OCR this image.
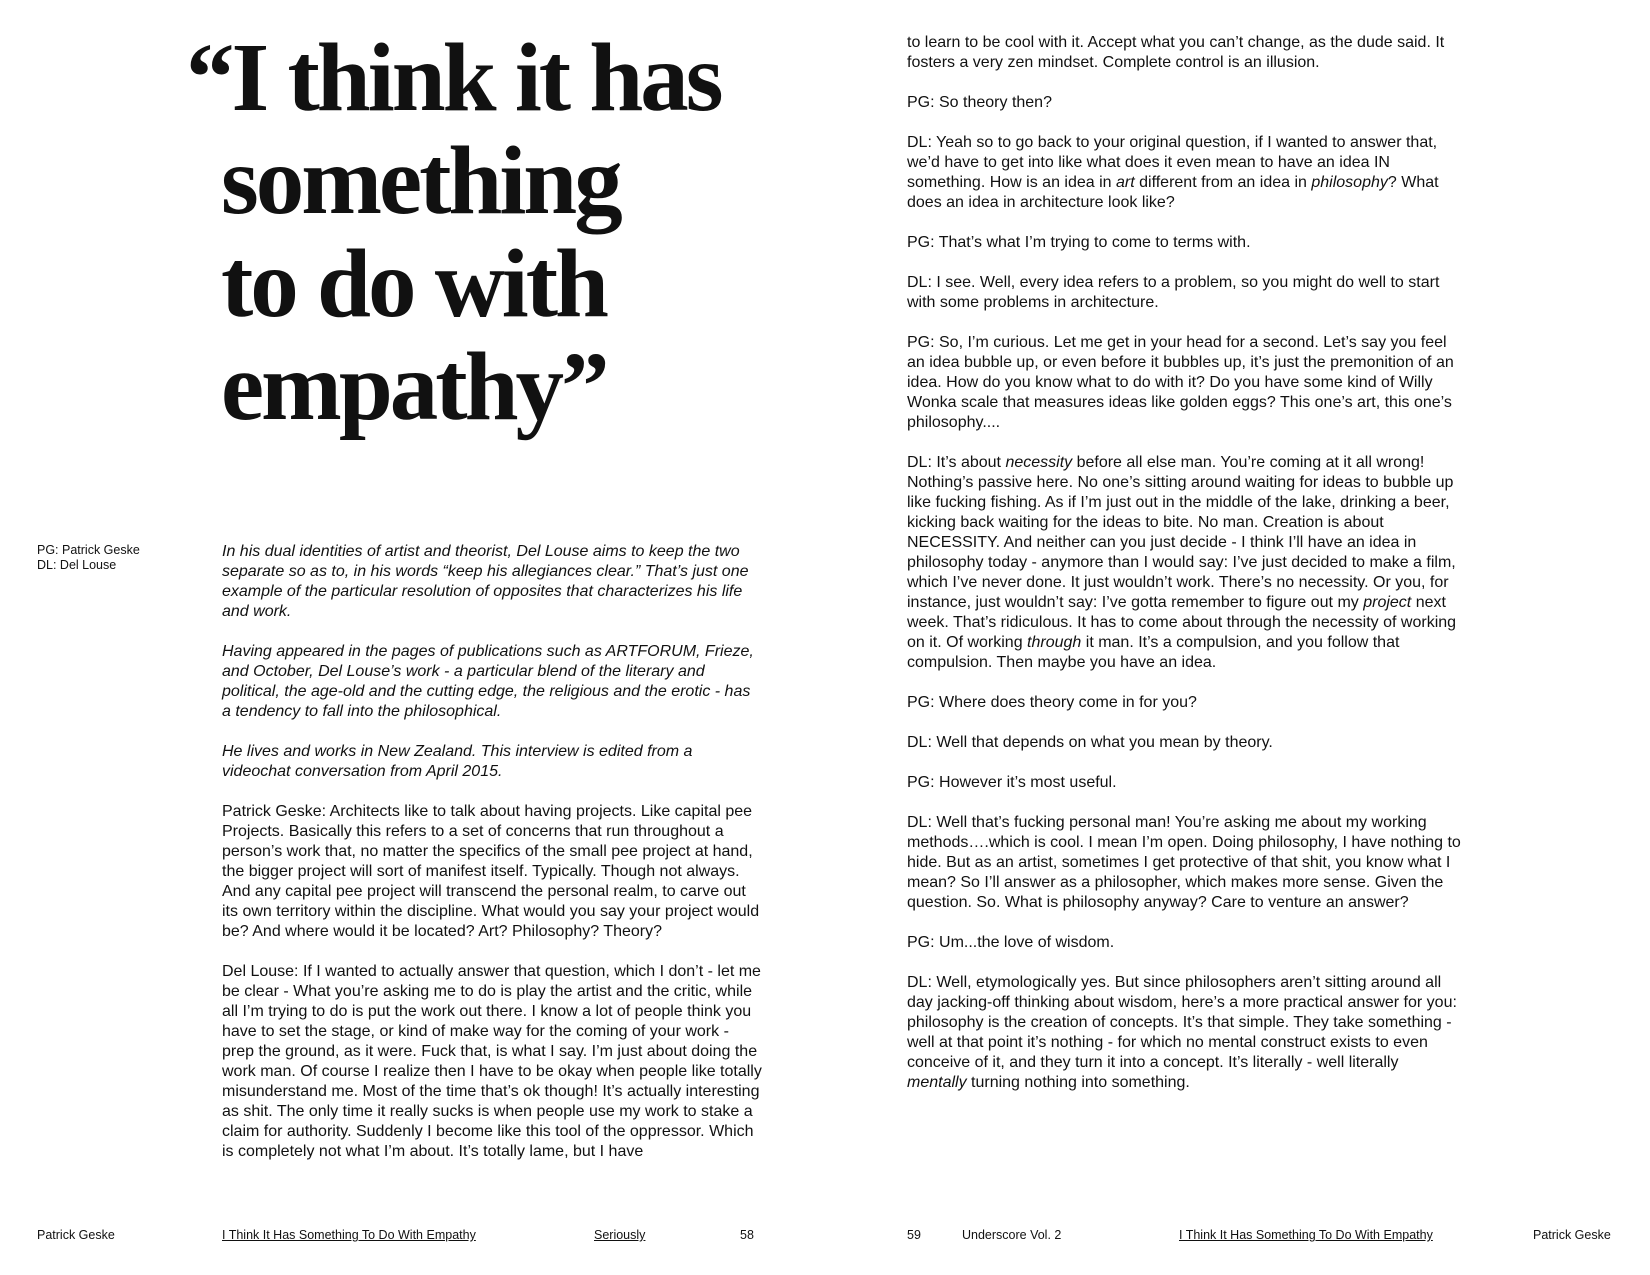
“I think it has
something
to do with
empathy”
PG: Patrick Geske
DL: Del Louse

In his dual identities of artist and theorist, Del Louse aims to keep the two separate so as to, in his words “keep his allegiances clear.” That’s just one example of the particular resolution of opposites that characterizes his life and work.

Having appeared in the pages of publications such as ARTFORUM, Frieze, and October, Del Louse’s work - a particular blend of the literary and political, the age-old and the cutting edge, the religious and the erotic - has a tendency to fall into the philosophical.

He lives and works in New Zealand. This interview is edited from a videochat conversation from April 2015.

Patrick Geske: Architects like to talk about having projects. Like capital pee Projects. Basically this refers to a set of concerns that run throughout a person’s work that, no matter the specifics of the small pee project at hand, the bigger project will sort of manifest itself. Typically. Though not always. And any capital pee project will transcend the personal realm, to carve out its own territory within the discipline. What would you say your project would be? And where would it be located? Art? Philosophy? Theory?

Del Louse: If I wanted to actually answer that question, which I don’t - let me be clear - What you’re asking me to do is play the artist and the critic, while all I’m trying to do is put the work out there. I know a lot of people think you have to set the stage, or kind of make way for the coming of your work - prep the ground, as it were. Fuck that, is what I say. I’m just about doing the work man. Of course I realize then I have to be okay when people like totally misunderstand me. Most of the time that’s ok though! It’s actually interesting as shit. The only time it really sucks is when people use my work to stake a claim for authority. Suddenly I become like this tool of the oppressor. Which is completely not what I’m about. It’s totally lame, but I have

Patrick Geske	I Think It Has Something To Do With Empathy	Seriously	58

to learn to be cool with it. Accept what you can’t change, as the dude said. It fosters a very zen mindset. Complete control is an illusion.

PG: So theory then?

DL: Yeah so to go back to your original question, if I wanted to answer that, we’d have to get into like what does it even mean to have an idea IN something. How is an idea in art different from an idea in philosophy? What does an idea in architecture look like?

PG: That’s what I’m trying to come to terms with.

DL: I see. Well, every idea refers to a problem, so you might do well to start with some problems in architecture.

PG: So, I’m curious. Let me get in your head for a second. Let’s say you feel an idea bubble up, or even before it bubbles up, it’s just the premonition of an idea. How do you know what to do with it? Do you have some kind of Willy Wonka scale that measures ideas like golden eggs? This one’s art, this one’s philosophy....

DL: It’s about necessity before all else man. You’re coming at it all wrong! Nothing’s passive here. No one’s sitting around waiting for ideas to bubble up like fucking fishing. As if I’m just out in the middle of the lake, drinking a beer, kicking back waiting for the ideas to bite. No man. Creation is about NECESSITY. And neither can you just decide - I think I’ll have an idea in philosophy today - anymore than I would say: I’ve just decided to make a film, which I’ve never done. It just wouldn’t work. There’s no necessity. Or you, for instance, just wouldn’t say: I’ve gotta remember to figure out my project next week. That’s ridiculous. It has to come about through the necessity of working on it. Of working through it man. It’s a compulsion, and you follow that compulsion. Then maybe you have an idea.

PG: Where does theory come in for you?

DL: Well that depends on what you mean by theory.

PG: However it’s most useful.

DL: Well that’s fucking personal man! You’re asking me about my working methods….which is cool. I mean I’m open. Doing philosophy, I have nothing to hide. But as an artist, sometimes I get protective of that shit, you know what I mean? So I’ll answer as a philosopher, which makes more sense. Given the question. So. What is philosophy anyway? Care to venture an answer?

PG: Um...the love of wisdom.

DL: Well, etymologically yes. But since philosophers aren’t sitting around all day jacking-off thinking about wisdom, here’s a more practical answer for you: philosophy is the creation of concepts. It’s that simple. They take something - well at that point it’s nothing - for which no mental construct exists to even conceive of it, and they turn it into a concept. It’s literally - well literally mentally turning nothing into something.

59	Underscore Vol. 2	I Think It Has Something To Do With Empathy	Patrick Geske
